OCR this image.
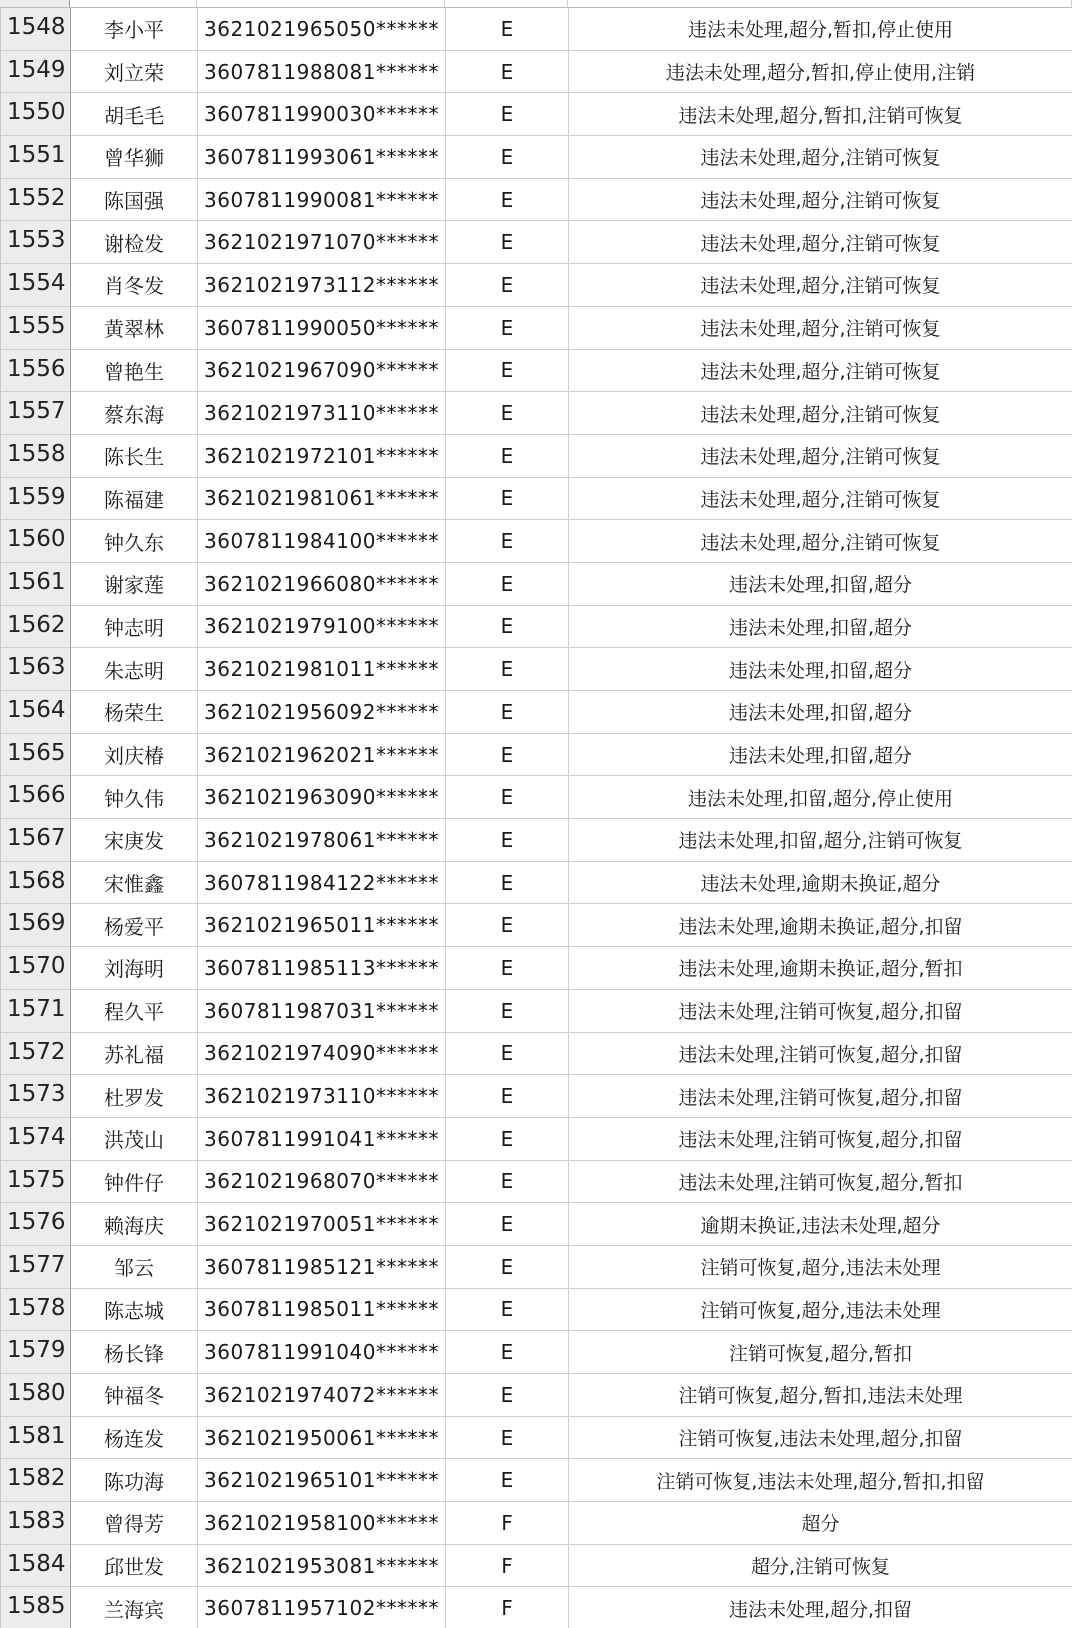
1548	李小平	3621021965050******	E	违法未处理,超分,暂扣,停止使用
1549	刘立荣	3607811988081******	E	违法未处理,超分,暂扣,停止使用,注销
1550	胡毛毛	3607811990030******	E	违法未处理,超分,暂扣,注销可恢复
1551	曾华狮	3607811993061******	E	违法未处理,超分,注销可恢复
1552	陈国强	3607811990081******	E	违法未处理,超分,注销可恢复
1553	谢检发	3621021971070******	E	违法未处理,超分,注销可恢复
1554	肖冬发	3621021973112******	E	违法未处理,超分,注销可恢复
1555	黄翠林	3607811990050******	E	违法未处理,超分,注销可恢复
1556	曾艳生	3621021967090******	E	违法未处理,超分,注销可恢复
1557	蔡东海	3621021973110******	E	违法未处理,超分,注销可恢复
1558	陈长生	3621021972101******	E	违法未处理,超分,注销可恢复
1559	陈福建	3621021981061******	E	违法未处理,超分,注销可恢复
1560	钟久东	3607811984100******	E	违法未处理,超分,注销可恢复
1561	谢家莲	3621021966080******	E	违法未处理,扣留,超分
1562	钟志明	3621021979100******	E	违法未处理,扣留,超分
1563	朱志明	3621021981011******	E	违法未处理,扣留,超分
1564	杨荣生	3621021956092******	E	违法未处理,扣留,超分
1565	刘庆椿	3621021962021******	E	违法未处理,扣留,超分
1566	钟久伟	3621021963090******	E	违法未处理,扣留,超分,停止使用
1567	宋庚发	3621021978061******	E	违法未处理,扣留,超分,注销可恢复
1568	宋惟鑫	3607811984122******	E	违法未处理,逾期未换证,超分
1569	杨爱平	3621021965011******	E	违法未处理,逾期未换证,超分,扣留
1570	刘海明	3607811985113******	E	违法未处理,逾期未换证,超分,暂扣
1571	程久平	3607811987031******	E	违法未处理,注销可恢复,超分,扣留
1572	苏礼福	3621021974090******	E	违法未处理,注销可恢复,超分,扣留
1573	杜罗发	3621021973110******	E	违法未处理,注销可恢复,超分,扣留
1574	洪茂山	3607811991041******	E	违法未处理,注销可恢复,超分,扣留
1575	钟件仔	3621021968070******	E	违法未处理,注销可恢复,超分,暂扣
1576	赖海庆	3621021970051******	E	逾期未换证,违法未处理,超分
1577	邹云	3607811985121******	E	注销可恢复,超分,违法未处理
1578	陈志城	3607811985011******	E	注销可恢复,超分,违法未处理
1579	杨长锋	3607811991040******	E	注销可恢复,超分,暂扣
1580	钟福冬	3621021974072******	E	注销可恢复,超分,暂扣,违法未处理
1581	杨连发	3621021950061******	E	注销可恢复,违法未处理,超分,扣留
1582	陈功海	3621021965101******	E	注销可恢复,违法未处理,超分,暂扣,扣留
1583	曾得芳	3621021958100******	F	超分
1584	邱世发	3621021953081******	F	超分,注销可恢复
1585	兰海宾	3607811957102******	F	违法未处理,超分,扣留
